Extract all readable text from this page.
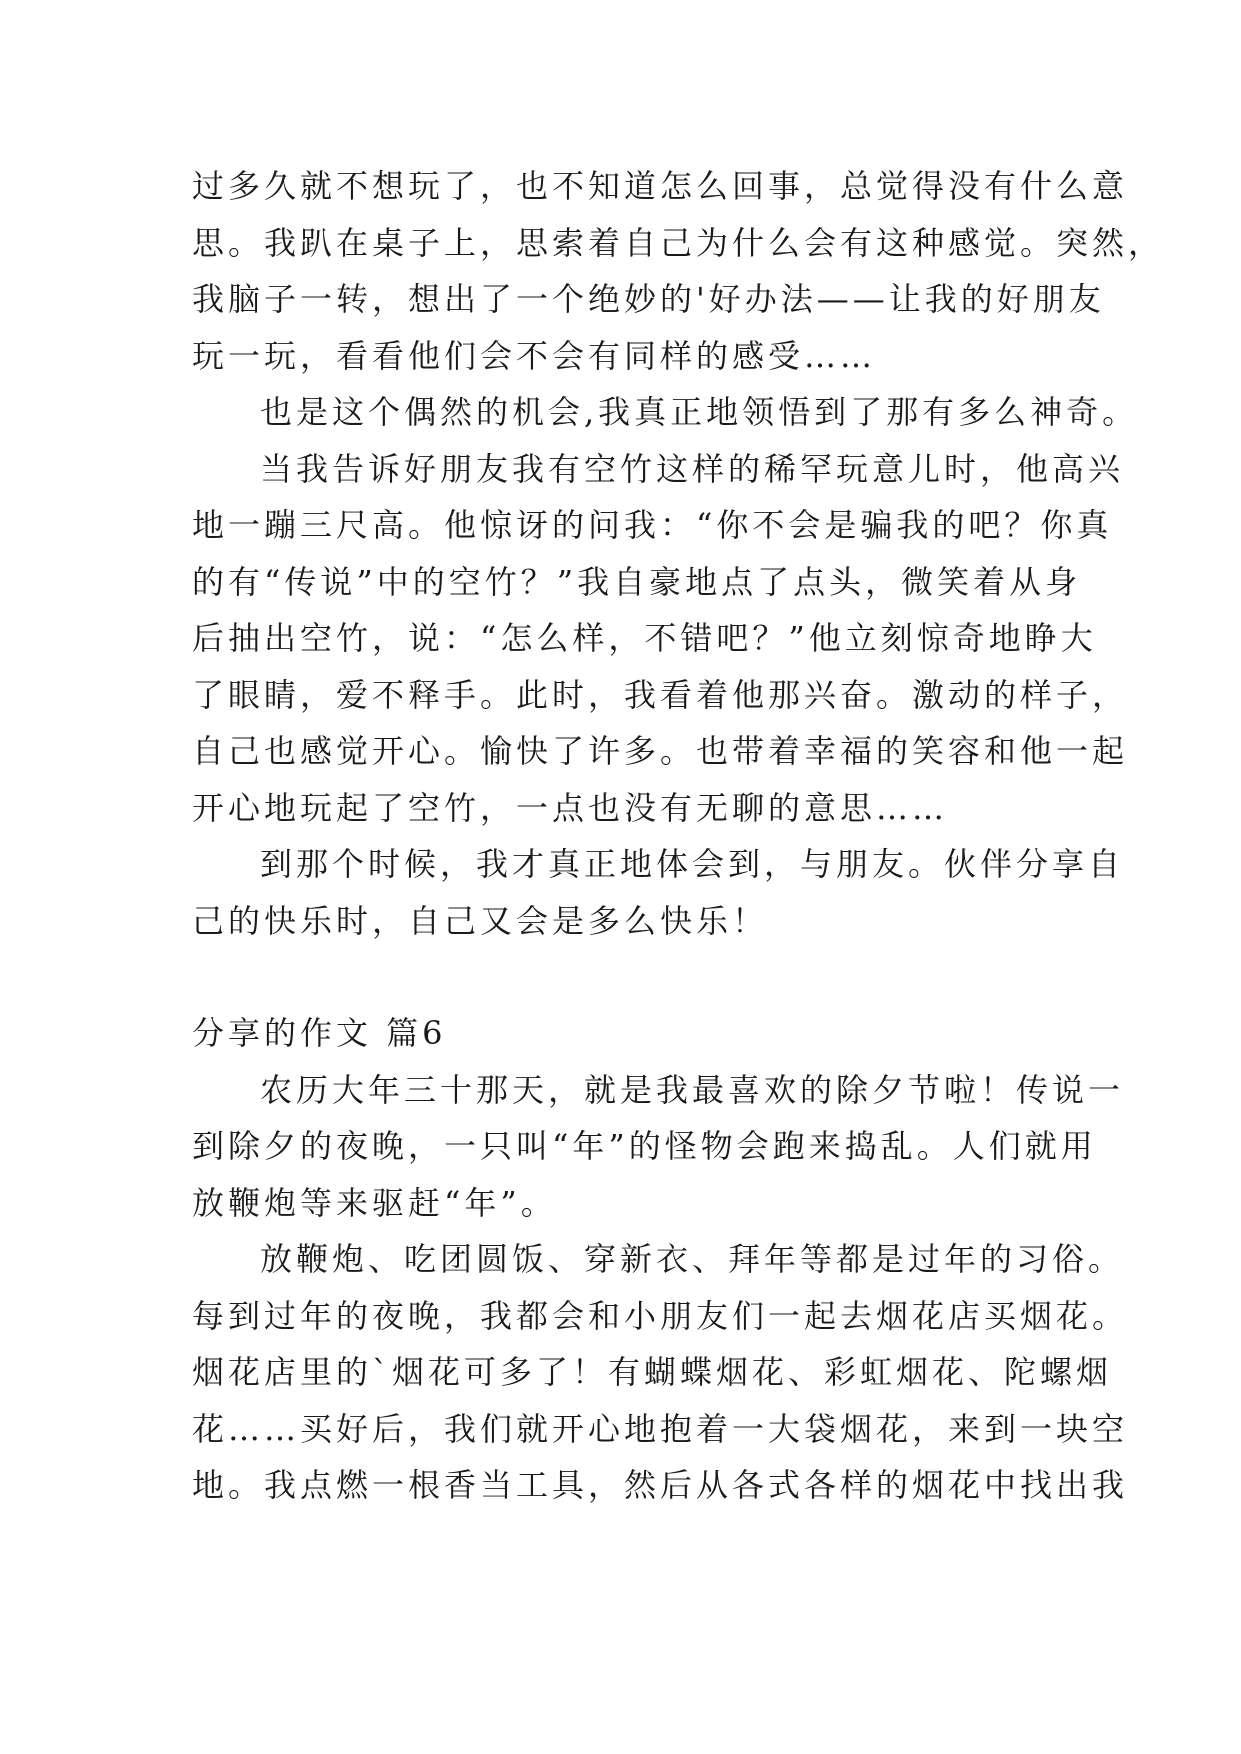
过多久就不想玩了，也不知道怎么回事，总觉得没有什么意
思。我趴在桌子上，思索着自己为什么会有这种感觉。突然，
我脑子一转，想出了一个绝妙的'好办法——让我的好朋友
玩一玩，看看他们会不会有同样的感受……

也是这个偶然的机会,我真正地领悟到了那有多么神奇。

当我告诉好朋友我有空竹这样的稀罕玩意儿时，他高兴
地一蹦三尺高。他惊讶的问我：“你不会是骗我的吧？你真
的有“传说”中的空竹？”我自豪地点了点头，微笑着从身
后抽出空竹，说：“怎么样，不错吧？”他立刻惊奇地睁大
了眼睛，爱不释手。此时，我看着他那兴奋。激动的样子，
自己也感觉开心。愉快了许多。也带着幸福的笑容和他一起
开心地玩起了空竹，一点也没有无聊的意思……

到那个时候，我才真正地体会到，与朋友。伙伴分享自
己的快乐时，自己又会是多么快乐！

分享的作文 篇6

农历大年三十那天，就是我最喜欢的除夕节啦！传说一
到除夕的夜晚，一只叫“年”的怪物会跑来捣乱。人们就用
放鞭炮等来驱赶“年”。

放鞭炮、吃团圆饭、穿新衣、拜年等都是过年的习俗。
每到过年的夜晚，我都会和小朋友们一起去烟花店买烟花。
烟花店里的`烟花可多了！有蝴蝶烟花、彩虹烟花、陀螺烟
花……买好后，我们就开心地抱着一大袋烟花，来到一块空
地。我点燃一根香当工具，然后从各式各样的烟花中找出我
